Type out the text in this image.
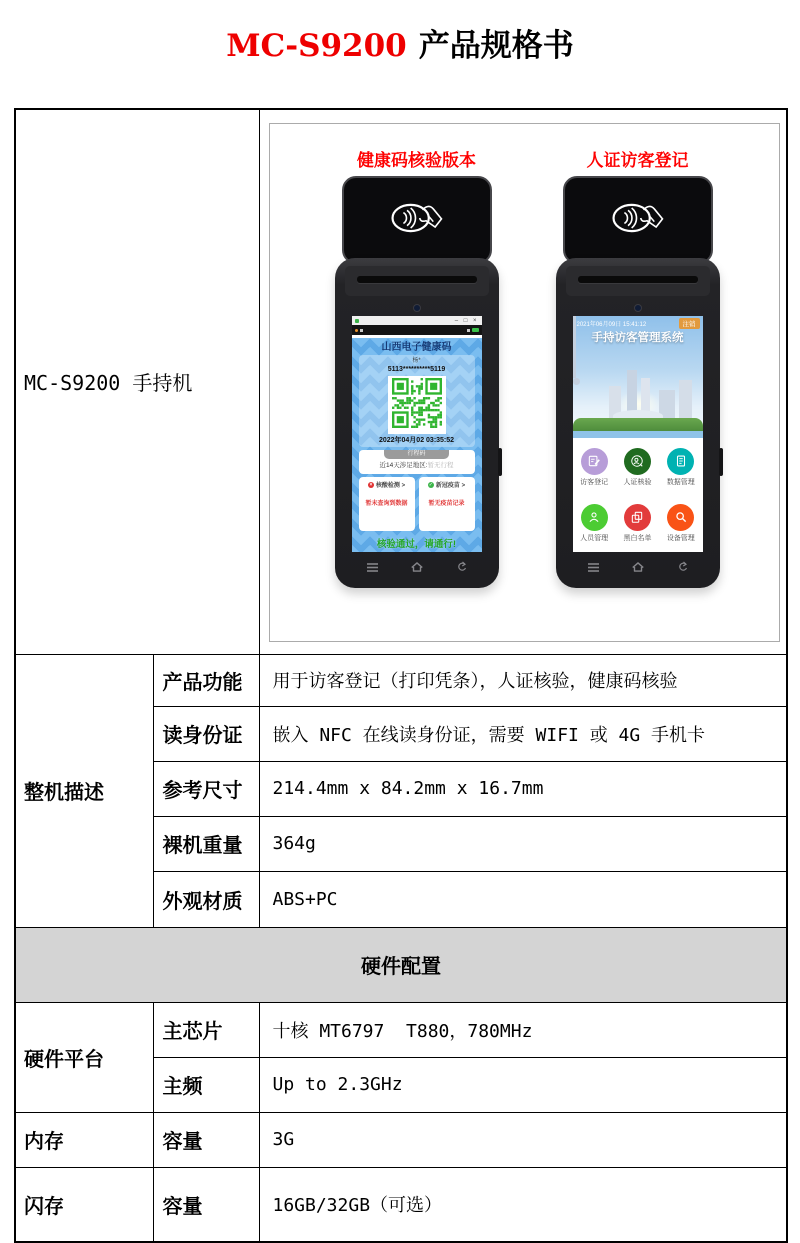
MC-S9200 产品规格书
MC-S9200 手持机	
健康码核验版本	人证访客登记
– □ ×
山西电子健康码
杨*
5113**********5119
2022年04月02 03:35:52
行程码
近14天涉足地区:暂无行程
× 核酸检测 >
暂未查询到数据
✓ 新冠疫苗 >
暂无疫苗记录
核验通过，请通行!
2021年06月09日 15:41:12	注销
手持访客管理系统
访客登记 人证核验 数据管理
人员管理 黑白名单 设备管理

整机描述	产品功能	用于访客登记（打印凭条），人证核验，健康码核验
	读身份证	嵌入 NFC 在线读身份证，需要 WIFI 或 4G 手机卡
	参考尺寸	214.4mm x 84.2mm x 16.7mm
	裸机重量	364g
	外观材质	ABS+PC
硬件配置		
硬件平台	主芯片	十核 MT6797  T880，780MHz
	主频	Up to 2.3GHz
内存	容量	3G
闪存	容量	16GB/32GB（可选）
